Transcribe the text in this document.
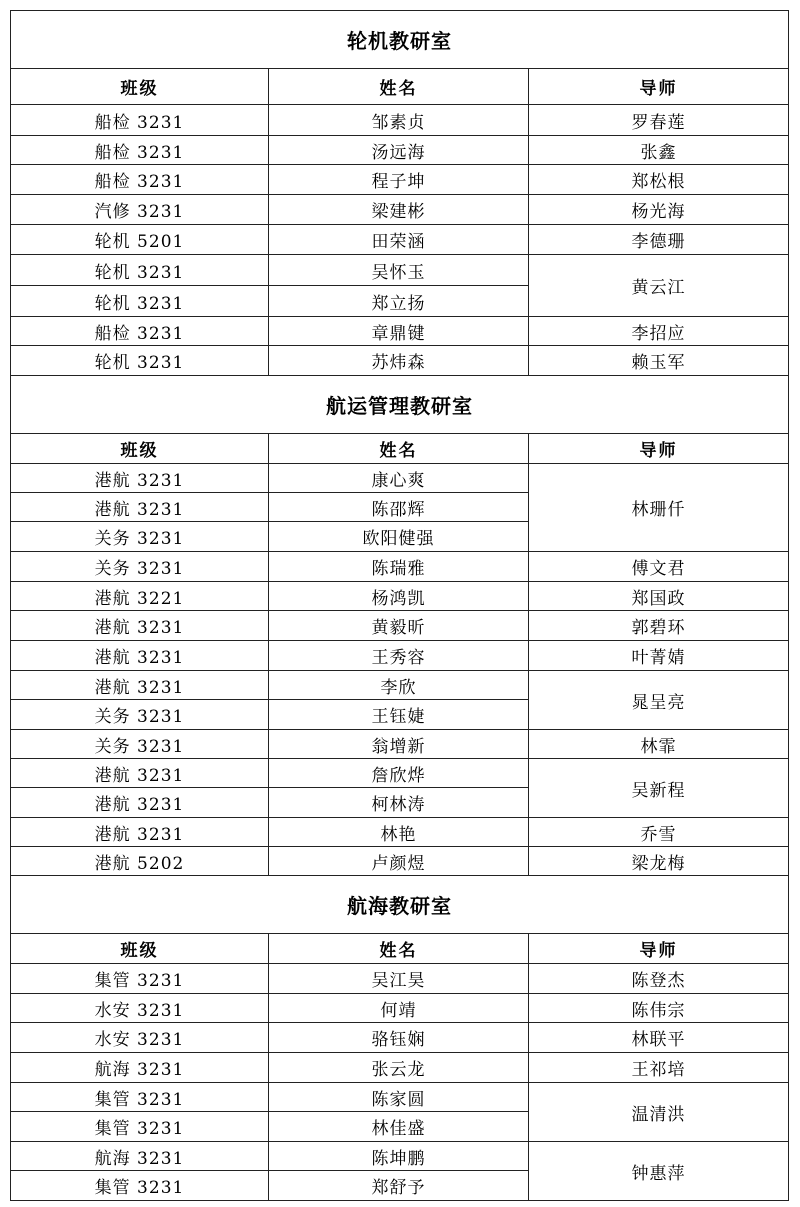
轮机教研室		
班级	姓名	导师
船检 3231	邹素贞	罗春莲
船检 3231	汤远海	张鑫
船检 3231	程子坤	郑松根
汽修 3231	梁建彬	杨光海
轮机 5201	田荣涵	李德珊
轮机 3231	吴怀玉	黄云江
轮机 3231	郑立扬	
船检 3231	章鼎键	李招应
轮机 3231	苏炜森	赖玉军
航运管理教研室		
班级	姓名	导师
港航 3231	康心爽	林珊仟
港航 3231	陈邵辉	
关务 3231	欧阳健强	
关务 3231	陈瑞雅	傅文君
港航 3221	杨鸿凯	郑国政
港航 3231	黄毅昕	郭碧环
港航 3231	王秀容	叶菁婧
港航 3231	李欣	晁呈亮
关务 3231	王钰婕	
关务 3231	翁增新	林霏
港航 3231	詹欣烨	吴新程
港航 3231	柯林涛	
港航 3231	林艳	乔雪
港航 5202	卢颜煜	梁龙梅
航海教研室		
班级	姓名	导师
集管 3231	吴江昊	陈登杰
水安 3231	何靖	陈伟宗
水安 3231	骆钰娴	林联平
航海 3231	张云龙	王祁培
集管 3231	陈家圆	温清洪
集管 3231	林佳盛	
航海 3231	陈坤鹏	钟惠萍
集管 3231	郑舒予	
